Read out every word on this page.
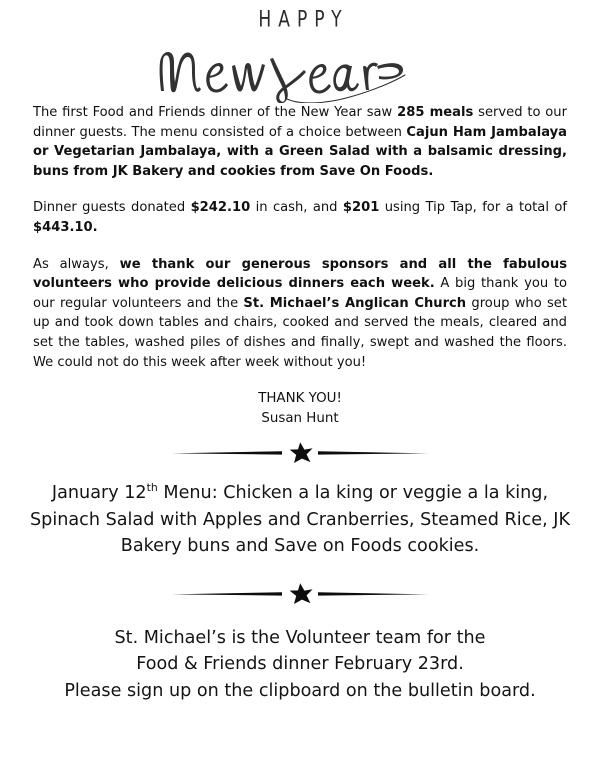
HAPPY

The first Food and Friends dinner of the New Year saw 285 meals served to our dinner guests. The menu consisted of a choice between Cajun Ham Jambalaya or Vegetarian Jambalaya, with a Green Salad with a balsamic dressing, buns from JK Bakery and cookies from Save On Foods.

Dinner guests donated $242.10 in cash, and $201 using Tip Tap, for a total of $443.10.

As always, we thank our generous sponsors and all the fabulous volunteers who provide delicious dinners each week. A big thank you to our regular volunteers and the St. Michael’s Anglican Church group who set up and took down tables and chairs, cooked and served the meals, cleared and set the tables, washed piles of dishes and finally, swept and washed the floors. We could not do this week after week without you!

THANK YOU!
Susan Hunt
January 12th Menu: Chicken a la king or veggie a la king,
Spinach Salad with Apples and Cranberries, Steamed Rice, JK
Bakery buns and Save on Foods cookies.
St. Michael’s is the Volunteer team for the
Food & Friends dinner February 23rd.
Please sign up on the clipboard on the bulletin board.
